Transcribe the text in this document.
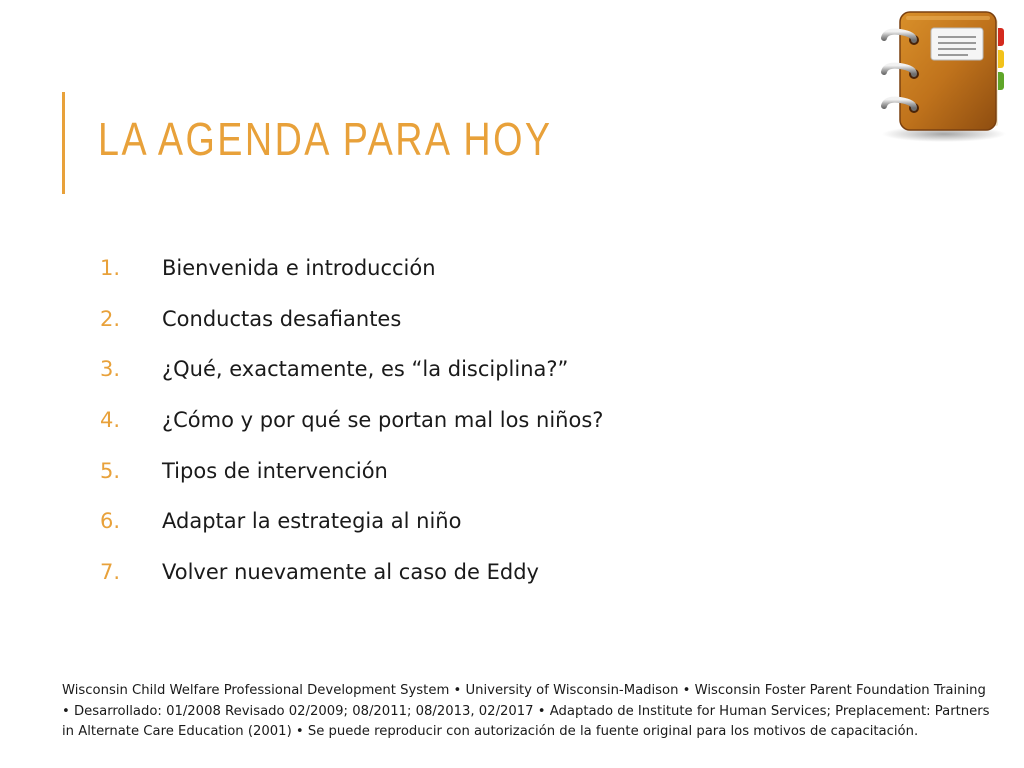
LA AGENDA PARA HOY
1.	Bienvenida e introducción
2.	Conductas desafiantes
3.	¿Qué, exactamente, es “la disciplina?”
4.	¿Cómo y por qué se portan mal los niños?
5.	Tipos de intervención
6.	Adaptar la estrategia al niño
7.	Volver nuevamente al caso de Eddy

Wisconsin Child Welfare Professional Development System • University of Wisconsin-Madison • Wisconsin Foster Parent Foundation Training • Desarrollado: 01/2008 Revisado 02/2009; 08/2011; 08/2013, 02/2017 • Adaptado de Institute for Human Services; Preplacement: Partners in Alternate Care Education (2001) • Se puede reproducir con autorización de la fuente original para los motivos de capacitación.
